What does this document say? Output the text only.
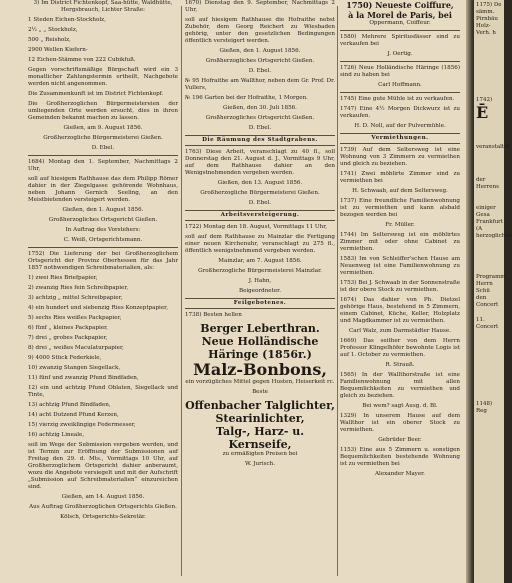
3) Im District Fichtenkopf, Saa-hütte, Waldhütte, Hergsbrauch, Lichter Straße:
1 Steden Eichen-Stockholz,
2½ „ „ Stockholz,
500 „ Reisholz,
2900 Wellen Kiefern-
12 Eichen-Stämme von 222 Cubikfuß.
Gegen vorschriftsmäßige Bürgschaft wird ein 3 monatlicher Zahlungstermin ertheilt, Nachgebote werden nicht angenommen.
Die Zusammenkunft ist im District Fichtenkopf.
Die Großherzoglichen Bürgermeistereien der umliegenden Orte werden ersucht, dies in ihren Gemeinden bekannt machen zu lassen.
Gießen, am 9. August 1856.
Großherzogliche Bürgermeisterei Gießen.
D. Ebel.
1684) Montag den 1. September, Nachmittags 2 Uhr,
soll auf hiesigem Rathhause das dem Philipp Römer dahier in der Ziegelgasse gehörende Wohnhaus, neben Johann Gernich Seeling, an den Meistbietenden versteigert werden.
Gießen, den 1. August 1856.
Großherzogliches Ortsgericht Gießen.
In Auftrag des Vorstehers:
C. Weiß, Ortsgerichtsmann.
1752) Die Lieferung der bei Großherzoglichem Ortsgericht der Provinz Oberhessen für das Jahr 1857 nothwendigen Schreibmaterialien, als:
1) zwei Ries Briefpapier,
2) zwanzig Ries fein Schreibpapier,
3) achtzig „ mittel Schreibpapier,
4) ein hundert und siebenzig Ries Konzeptpapier,
5) sechs Ries weißes Packpapier,
6) fünf „ kleines Packpapier,
7) drei „ grobes Packpapier,
8) drei „ weißes Maculaturpapier,
9) 4000 Stück Federkiele,
10) zwanzig Stangen Siegellack,
11) fünf und zwanzig Pfund Bindfaden,
12) ein und achtzig Pfund Oblaten, Siegellack und Tinte,
13) achtzig Pfund Bindfaden,
14) acht Dutzend Pfund Kerzen,
15) vierzig zweiklingige Federmesser,
16) achtzig Lineale,
soll im Wege der Submission vergeben werden, und ist Termin zur Eröffnung der Submissionen auf Freitag den 29. d. Mts., Vormittags 10 Uhr, auf Großherzoglichem Ortsgericht dahier anberaumt, wozu die Angebote versiegelt und mit der Aufschrift „Submission auf Schreibmaterialien“ einzureichen sind.
Gießen, am 14. August 1856.
Aus Auftrag Großherzoglichen Ortsgerichts Gießen.
Kölsch, Ortsgerichts-Sekretär.
1670) Dienstag den 9. September, Nachmittags 2 Uhr,
soll auf hiesigem Rathhause die Hofraithe nebst Zubehör, dem Georg Reichert zu Wiesbaden gehörig, unter den gesetzlichen Bedingungen öffentlich versteigert werden.
Gießen, den 1. August 1856.
Großherzogliches Ortsgericht Gießen.
D. Ebel.
№ 95 Hofraithe am Wallthor, neben dem Gr. Prof. Dr. Vullers,
№ 196 Garten bei der Hofraithe, 1 Morgen.
Gießen, den 30. Juli 1856.
Großherzogliches Ortsgericht Gießen.
D. Ebel.
Die Räumung des Stadtgrabens.
1763) Diese Arbeit, veranschlagt zu 40 fl., soll Donnerstag den 21. August d. J., Vormittags 9 Uhr, auf dem Rathhause dahier an den Wenigstnehmenden vergeben werden.
Gießen, den 13. August 1856.
Großherzogliche Bürgermeisterei Gießen.
D. Ebel.
Arbeitsversteigerung.
1722) Montag den 18. August, Vormittags 11 Uhr,
soll auf dem Rathhause zu Mainzlar die Fertigung einer neuen Kirchenuhr, veranschlagt zu 275 fl., öffentlich wenigstnehmend vergeben werden.
Mainzlar, am 7. August 1856.
Großherzogliche Bürgermeisterei Mainzlar.
J. Hahn,
Beigeordneter.
Feilgebotenes.
1738) Besten hellen
Berger Leberthran.
Neue Holländische Häringe (1856r.)
Malz-Bonbons,
ein vorzügliches Mittel gegen Husten, Heiserkeit rc.
Beste
Offenbacher Talglichter,
Stearinlichter,
Talg-, Harz- u. Kernseife,
zu ermäßigten Preisen bei
W. Jurisch.
1750) Neueste Coiffure,
à la Morel de Paris, bei
Oppermann, Coiffeur.
1580) Mehrere Spiritusfässer sind zu verkaufen bei
J. Oertig.
1726) Neue Holländische Häringe (1856) sind zu haben bei
Carl Hoffmann.
1745) Eine gute Mühle ist zu verkaufen.
1747) Eine 4½ Morgen Dickwurz ist zu verkaufen.
H. D. Noll, auf der Pulvermühle.
Vermiethungen.
1739) Auf dem Seltersweg ist eine Wohnung von 3 Zimmern zu vermiethen und gleich zu beziehen.
1741) Zwei möblirte Zimmer sind zu vermiethen bei
H. Schwaab, auf dem Seltersweg.
1737) Eine freundliche Familienwohnung ist zu vermiethen und kann alsbald bezogen werden bei
Fr. Müller.
1744) Im Seltersweg ist ein möblirtes Zimmer mit oder ohne Cabinet zu vermiethen.
1583) Im von Schleiffer'schen Hause am Neuenweg ist eine Familienwohnung zu vermiethen.
1753) Bei J. Schwaab in der Sonnenstraße ist der obere Stock zu vermiethen.
1674) Das dahier von Ph. Dietzel gehörige Haus, bestehend in 5 Zimmern, einem Cabinet, Küche, Keller, Holzplatz und Magdkammer ist zu vermiethen.
Carl Walz, zum Darmstädter Hause.
1669) Das seither von dem Herrn Professor Klingelhöfer bewohnte Logis ist auf 1. October zu vermiethen.
R. Strauß.
1565) In der Wallthorstraße ist eine Familienwohnung mit allen Bequemlichkeiten zu vermiethen und gleich zu beziehen.
Bei wem? sagt Ausg. d. Bl.
1329) In unserem Hause auf dem Wallthor ist ein oberer Stock zu vermiethen.
Gebrüder Beer.
1153) Eine aus 5 Zimmern u. sonstigen Bequemlichkeiten bestehende Wohnung ist zu vermiethen bei
Alexander Mayer.
1175) De
sämm. Pirnbäu
Holz-Verh. h
1742)
Ē
veranstaltet
der Herrens
einiger Gesa
Frankfurt (A
herzoglichen
Programm
Herrn Schü
den Concert
11.
Concert
1148)
Reg
